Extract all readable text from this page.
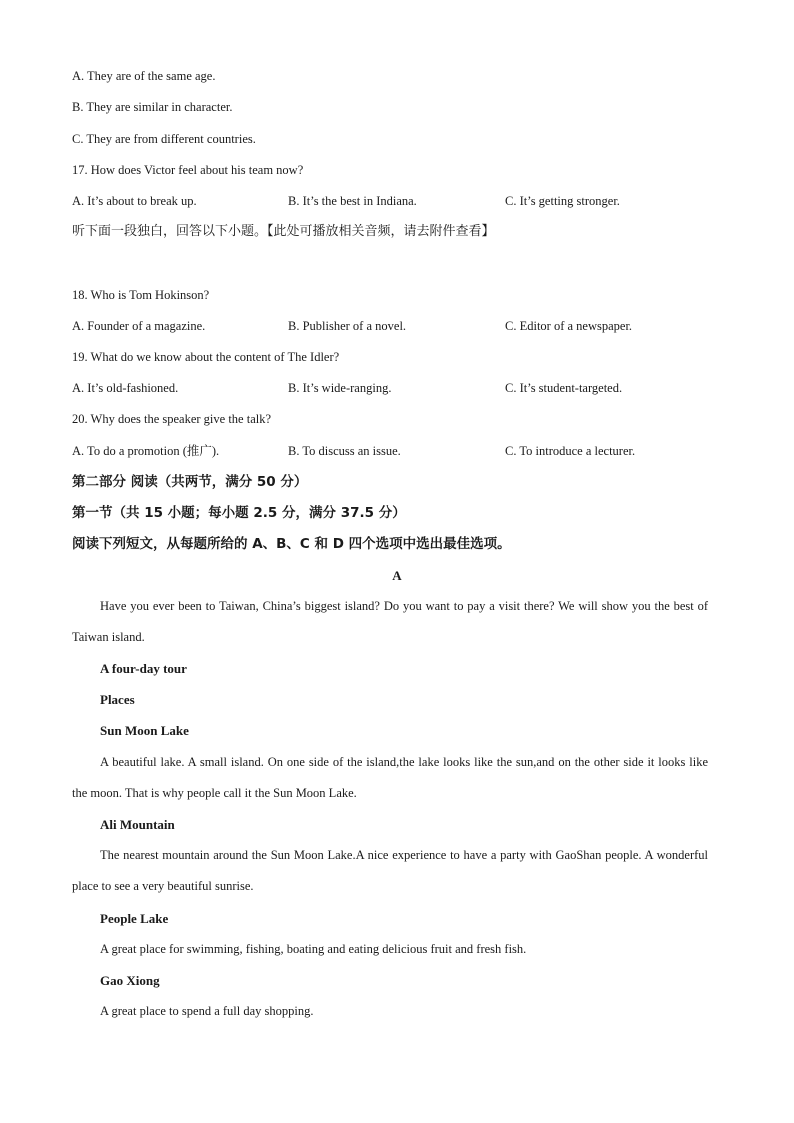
A. They are of the same age.
B. They are similar in character.
C. They are from different countries.
17. How does Victor feel about his team now?
A. It’s about to break up.	B. It’s the best in Indiana.	C. It’s getting stronger.
听下面一段独白，回答以下小题。【此处可播放相关音频，请去附件查看】
18. Who is Tom Hokinson?
A. Founder of a magazine.	B. Publisher of a novel.	C. Editor of a newspaper.
19. What do we know about the content of The Idler?
A. It’s old-fashioned.	B. It’s wide-ranging.	C. It’s student-targeted.
20. Why does the speaker give the talk?
A. To do a promotion (推广).	B. To discuss an issue.	C. To introduce a lecturer.
第二部分 阅读（共两节，满分 50 分）
第一节（共 15 小题；每小题 2.5 分，满分 37.5 分）
阅读下列短文，从每题所给的 A、B、C 和 D 四个选项中选出最佳选项。
A
Have you ever been to Taiwan, China’s biggest island? Do you want to pay a visit there? We will show you the best of Taiwan island.
A four-day tour
Places
Sun Moon Lake
A beautiful lake. A small island. On one side of the island,the lake looks like the sun,and on the other side it looks like the moon. That is why people call it the Sun Moon Lake.
Ali Mountain
The nearest mountain around the Sun Moon Lake.A nice experience to have a party with GaoShan people. A wonderful place to see a very beautiful sunrise.
People Lake
A great place for swimming, fishing, boating and eating delicious fruit and fresh fish.
Gao Xiong
A great place to spend a full day shopping.
